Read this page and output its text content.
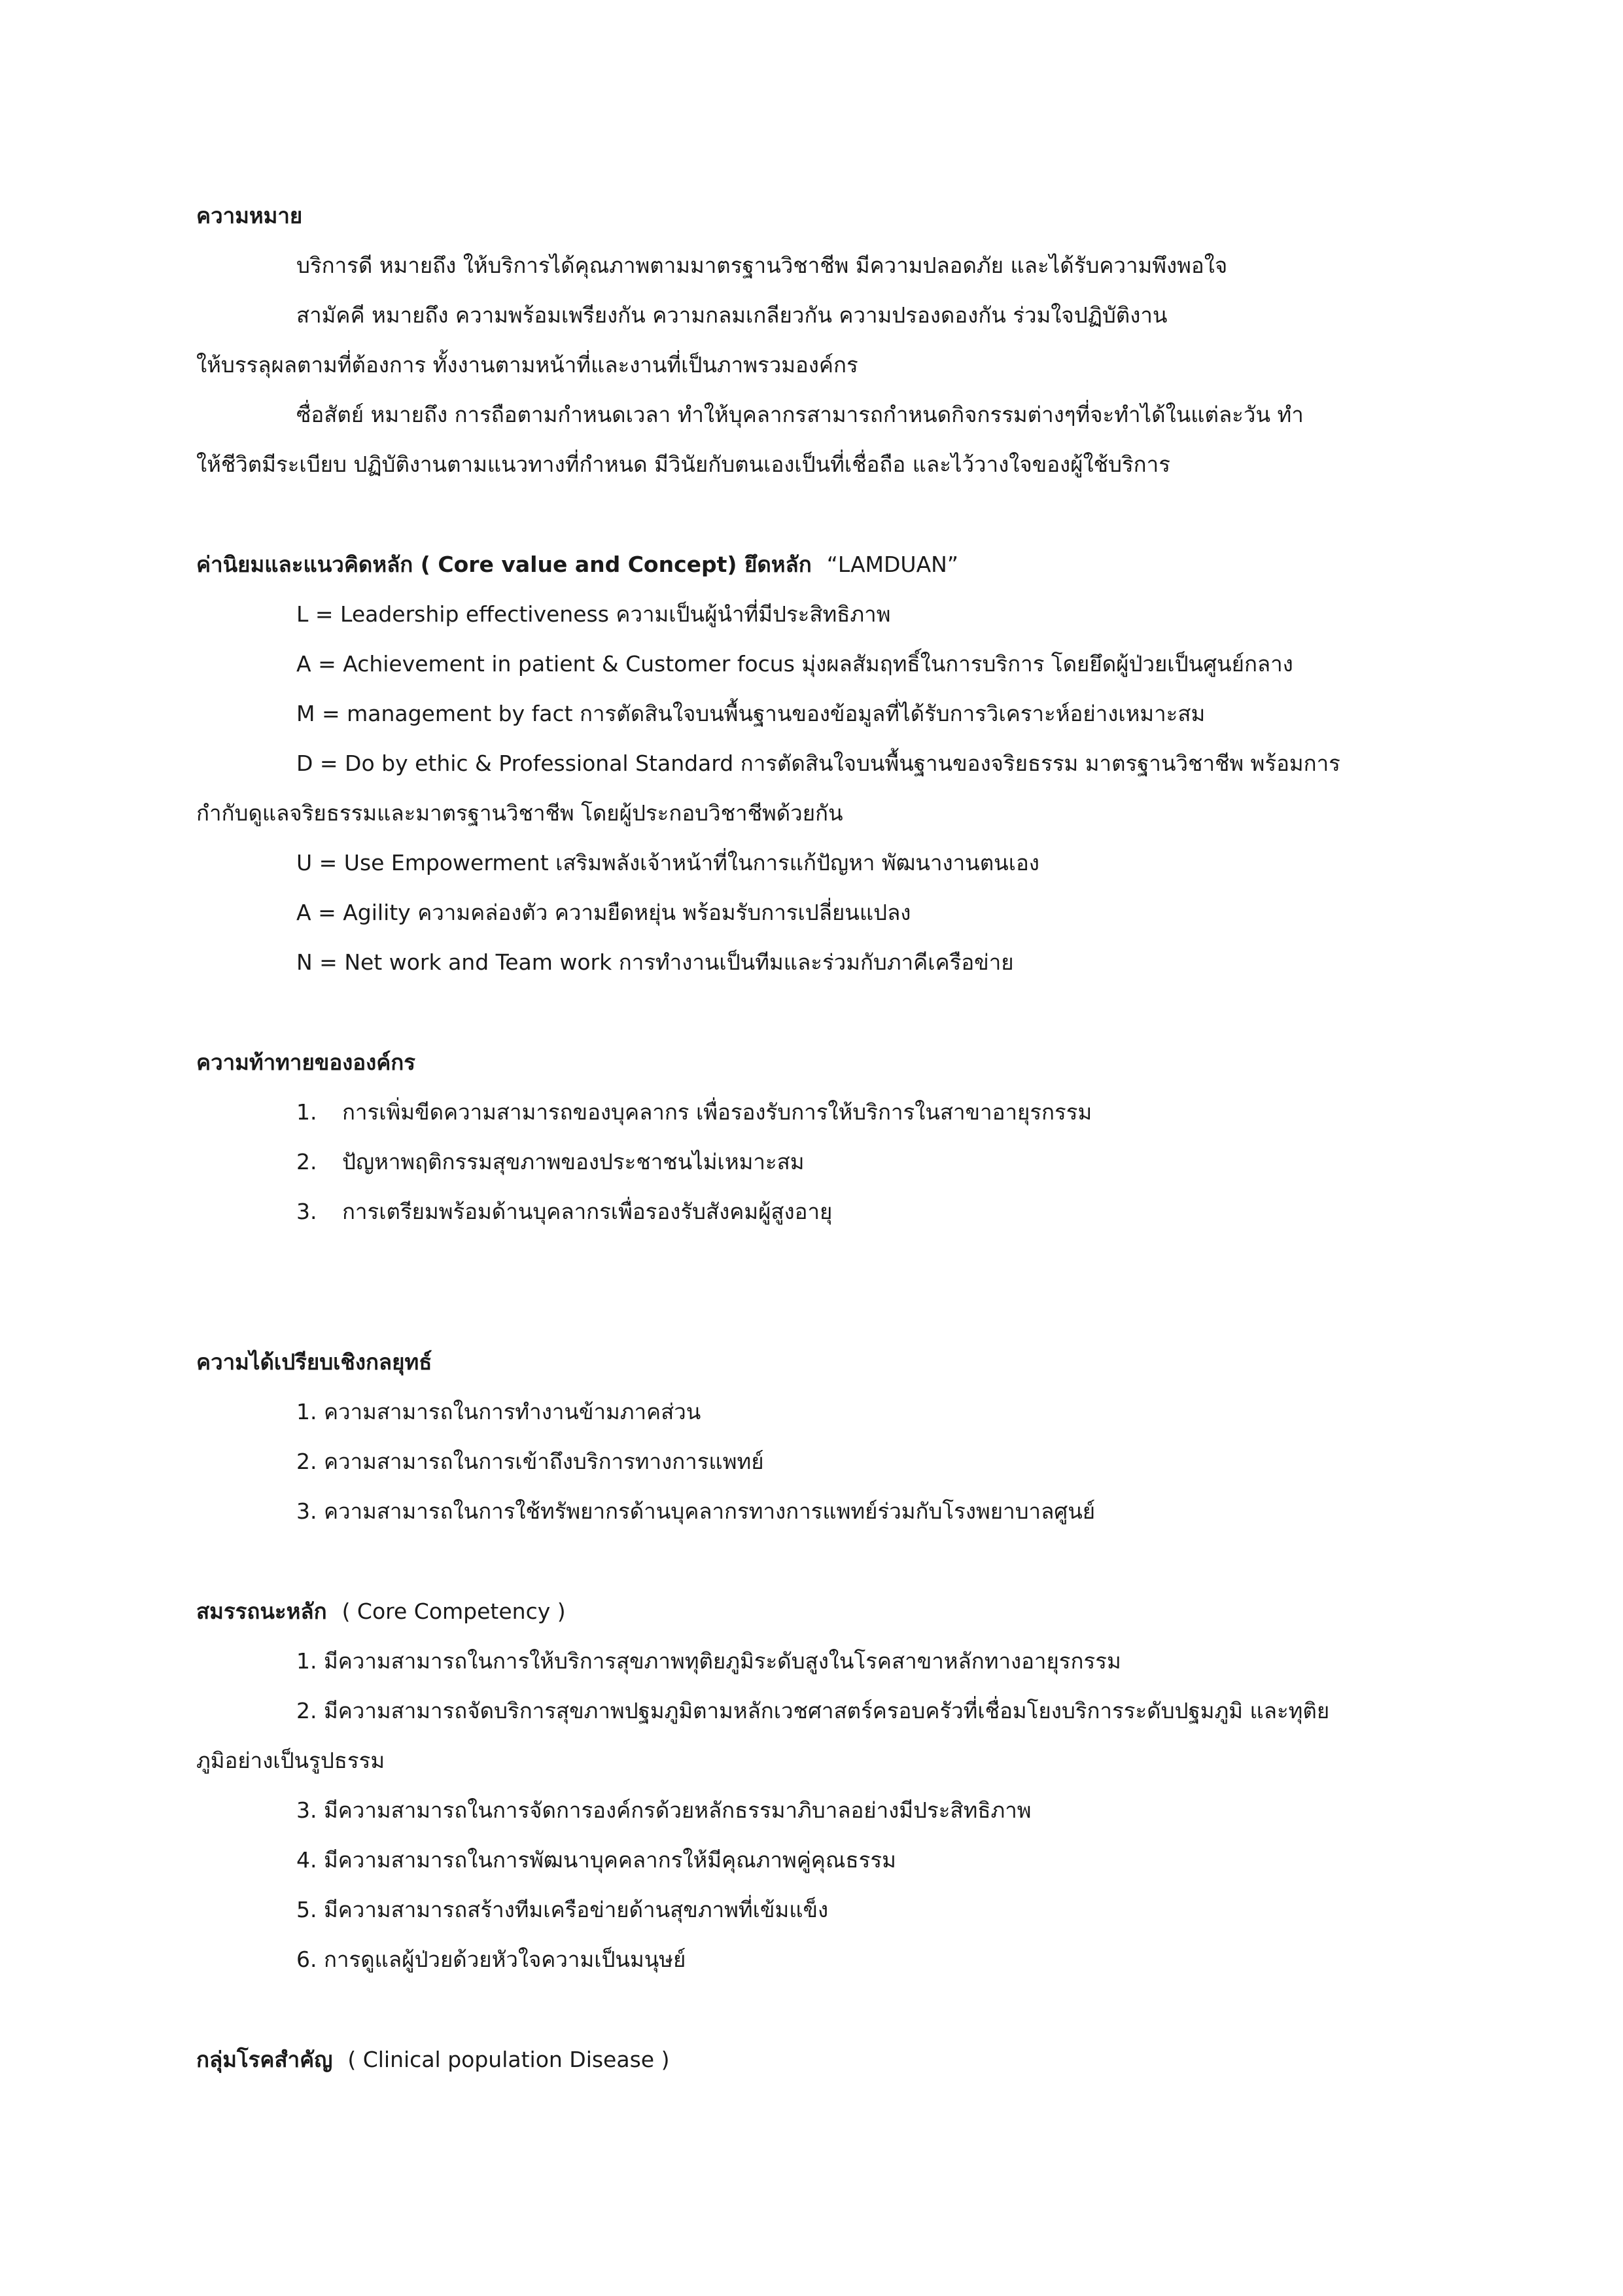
ความหมาย
บริการดี หมายถึง ให้บริการได้คุณภาพตามมาตรฐานวิชาชีพ มีความปลอดภัย และได้รับความพึงพอใจ
สามัคคี หมายถึง ความพร้อมเพรียงกัน ความกลมเกลียวกัน ความปรองดองกัน ร่วมใจปฏิบัติงาน
ให้บรรลุผลตามที่ต้องการ ทั้งงานตามหน้าที่และงานที่เป็นภาพรวมองค์กร
ซื่อสัตย์ หมายถึง การถือตามกำหนดเวลา ทำให้บุคลากรสามารถกำหนดกิจกรรมต่างๆที่จะทำได้ในแต่ละวัน ทำ
ให้ชีวิตมีระเบียบ ปฏิบัติงานตามแนวทางที่กำหนด มีวินัยกับตนเองเป็นที่เชื่อถือ และไว้วางใจของผู้ใช้บริการ
ค่านิยมและแนวคิดหลัก ( Core value and Concept) ยึดหลัก “LAMDUAN”
L = Leadership effectiveness ความเป็นผู้นำที่มีประสิทธิภาพ
A = Achievement in patient & Customer focus มุ่งผลสัมฤทธิ์ในการบริการ โดยยึดผู้ป่วยเป็นศูนย์กลาง
M = management by fact การตัดสินใจบนพื้นฐานของข้อมูลที่ได้รับการวิเคราะห์อย่างเหมาะสม
D = Do by ethic & Professional Standard การตัดสินใจบนพื้นฐานของจริยธรรม มาตรฐานวิชาชีพ พร้อมการ
กำกับดูแลจริยธรรมและมาตรฐานวิชาชีพ โดยผู้ประกอบวิชาชีพด้วยกัน
U = Use Empowerment เสริมพลังเจ้าหน้าที่ในการแก้ปัญหา พัฒนางานตนเอง
A = Agility ความคล่องตัว ความยืดหยุ่น พร้อมรับการเปลี่ยนแปลง
N = Net work and Team work การทำงานเป็นทีมและร่วมกับภาคีเครือข่าย
ความท้าทายขององค์กร
1. การเพิ่มขีดความสามารถของบุคลากร เพื่อรองรับการให้บริการในสาขาอายุรกรรม
2. ปัญหาพฤติกรรมสุขภาพของประชาชนไม่เหมาะสม
3. การเตรียมพร้อมด้านบุคลากรเพื่อรองรับสังคมผู้สูงอายุ
ความได้เปรียบเชิงกลยุทธ์
1. ความสามารถในการทำงานข้ามภาคส่วน
2. ความสามารถในการเข้าถึงบริการทางการแพทย์
3. ความสามารถในการใช้ทรัพยากรด้านบุคลากรทางการแพทย์ร่วมกับโรงพยาบาลศูนย์
สมรรถนะหลัก ( Core Competency )
1. มีความสามารถในการให้บริการสุขภาพทุติยภูมิระดับสูงในโรคสาขาหลักทางอายุรกรรม
2. มีความสามารถจัดบริการสุขภาพปฐมภูมิตามหลักเวชศาสตร์ครอบครัวที่เชื่อมโยงบริการระดับปฐมภูมิ และทุติย
ภูมิอย่างเป็นรูปธรรม
3. มีความสามารถในการจัดการองค์กรด้วยหลักธรรมาภิบาลอย่างมีประสิทธิภาพ
4. มีความสามารถในการพัฒนาบุคคลากรให้มีคุณภาพคู่คุณธรรม
5. มีความสามารถสร้างทีมเครือข่ายด้านสุขภาพที่เข้มแข็ง
6. การดูแลผู้ป่วยด้วยหัวใจความเป็นมนุษย์
กลุ่มโรคสำคัญ ( Clinical population Disease )
